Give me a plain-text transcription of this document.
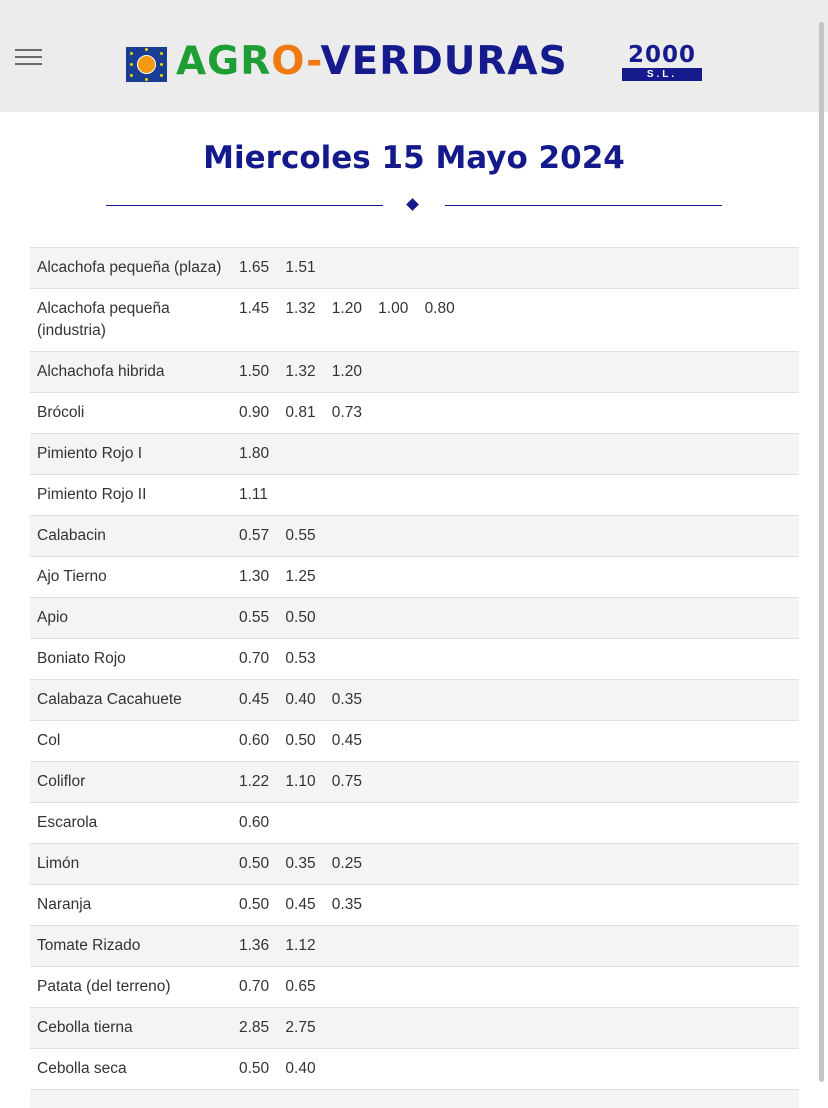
AGRO-VERDURAS	2000
S.L.
Miercoles 15 Mayo 2024
Alcachofa pequeña (plaza)	1.65	1.51
Alcachofa pequeña (industria)
1.45	1.32	1.20	1.00	0.80
Alchachofa hibrida	1.50	1.32	1.20
Brócoli	0.90	0.81	0.73
Pimiento Rojo I	1.80
Pimiento Rojo II	1.11
Calabacin	0.57	0.55
Ajo Tierno	1.30	1.25
Apio	0.55	0.50
Boniato Rojo	0.70	0.53
Calabaza Cacahuete	0.45	0.40	0.35
Col	0.60	0.50	0.45
Coliflor	1.22	1.10	0.75
Escarola	0.60
Limón	0.50	0.35	0.25
Naranja	0.50	0.45	0.35
Tomate Rizado	1.36	1.12
Patata (del terreno)	0.70	0.65
Cebolla tierna	2.85	2.75
Cebolla seca	0.50	0.40
